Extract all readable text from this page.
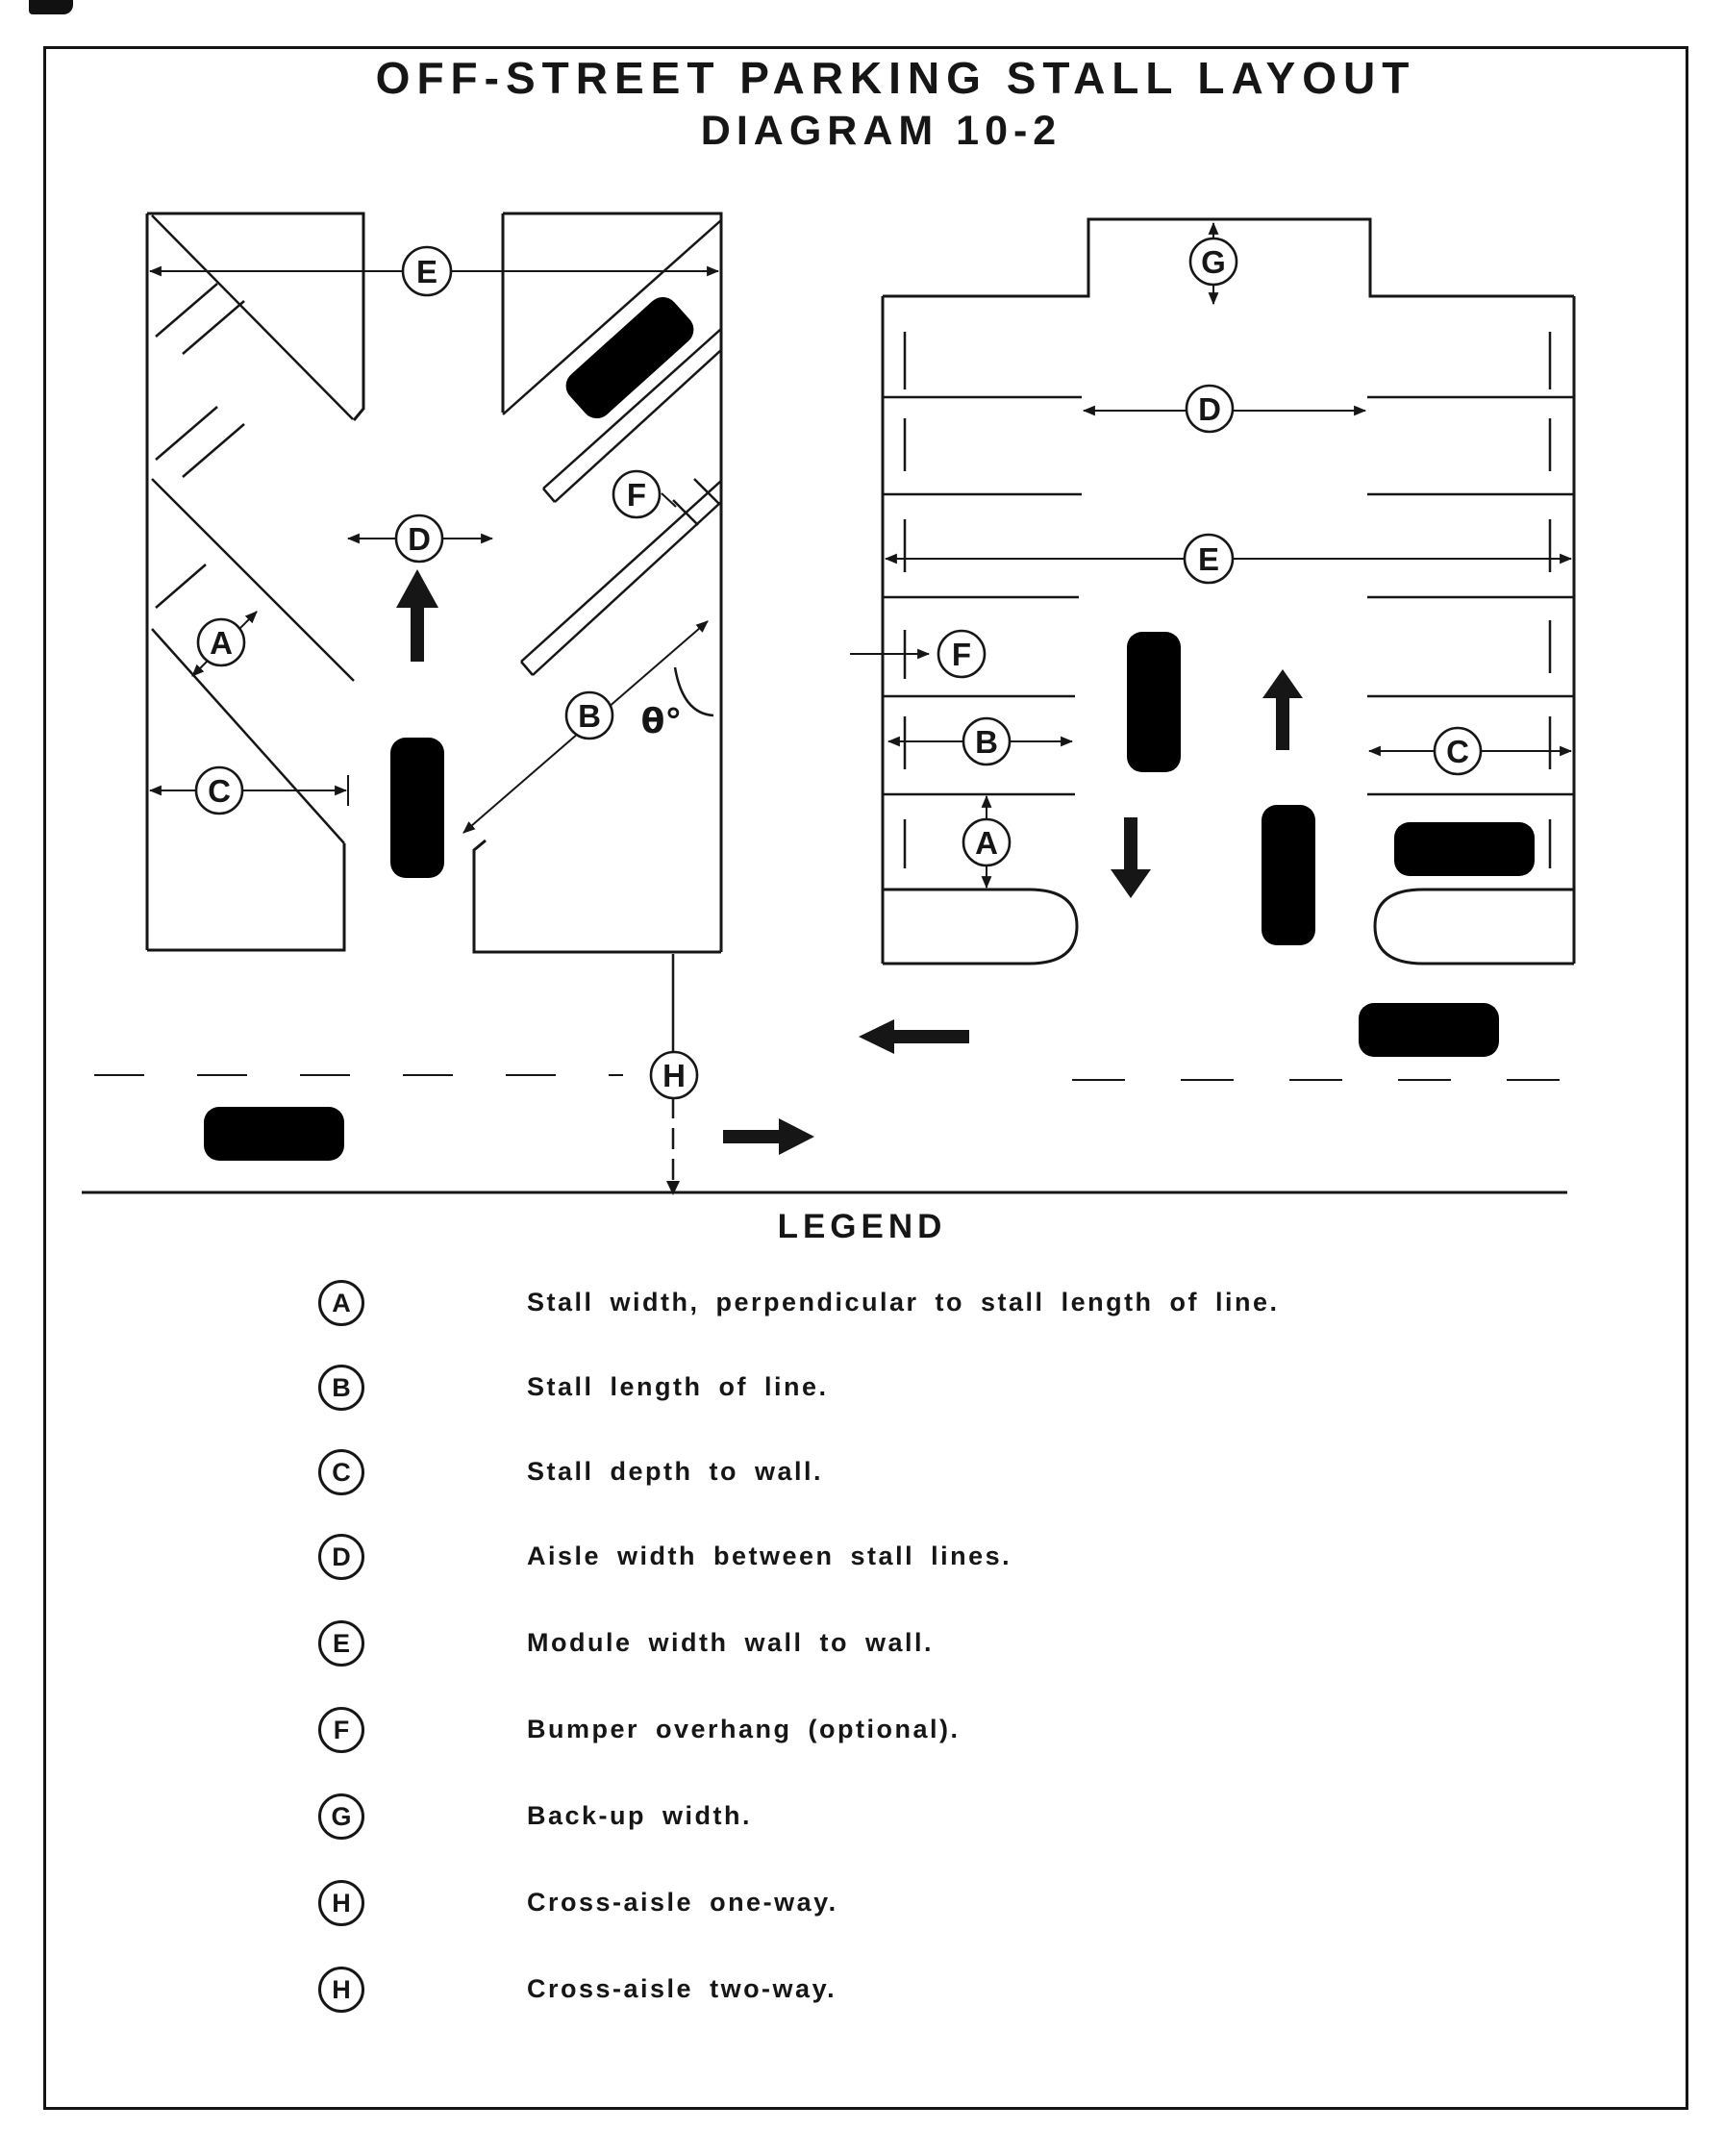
OFF-STREET PARKING STALL LAYOUT
DIAGRAM 10-2
θ°
E
D
F
A
B
C
G
D
E
F
B	C
A
H
LEGEND
A	Stall width, perpendicular to stall length of line.
B	Stall length of line.
C	Stall depth to wall.
D	Aisle width between stall lines.
E	Module width wall to wall.
F	Bumper overhang (optional).
G	Back-up width.
H	Cross-aisle one-way.
H	Cross-aisle two-way.
